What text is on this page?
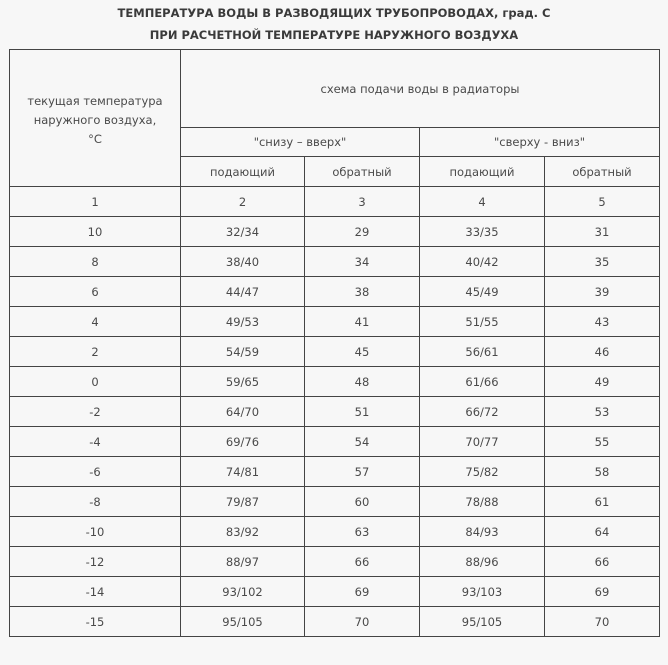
ТЕМПЕРАТУРА ВОДЫ В РАЗВОДЯЩИХ ТРУБОПРОВОДАХ, град. С
ПРИ РАСЧЕТНОЙ ТЕМПЕРАТУРЕ НАРУЖНОГО ВОЗДУХА
текущая температура
наружного воздуха,
°С	схема подачи воды в радиаторы			
	"снизу – вверх"		"сверху - вниз"	
	подающий	обратный	подающий	обратный
1	2	3	4	5
10	32/34	29	33/35	31
8	38/40	34	40/42	35
6	44/47	38	45/49	39
4	49/53	41	51/55	43
2	54/59	45	56/61	46
0	59/65	48	61/66	49
-2	64/70	51	66/72	53
-4	69/76	54	70/77	55
-6	74/81	57	75/82	58
-8	79/87	60	78/88	61
-10	83/92	63	84/93	64
-12	88/97	66	88/96	66
-14	93/102	69	93/103	69
-15	95/105	70	95/105	70
